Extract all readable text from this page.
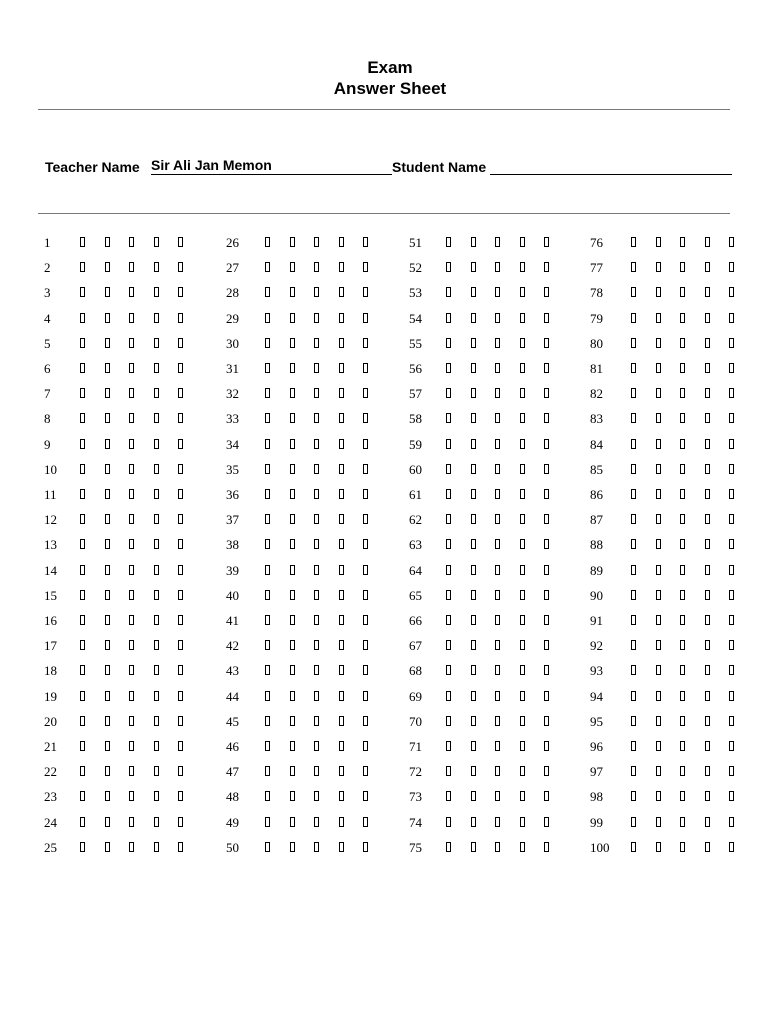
Exam
Answer Sheet
Teacher Name Sir Ali Jan Memon	Student Name
1
2
3
4
5
6
7
8
9
10
11
12
13
14
15
16
17
18
19
20
21
22
23
24
25
26
27
28
29
30
31
32
33
34
35
36
37
38
39
40
41
42
43
44
45
46
47
48
49
50
51
52
53
54
55
56
57
58
59
60
61
62
63
64
65
66
67
68
69
70
71
72
73
74
75
76
77
78
79
80
81
82
83
84
85
86
87
88
89
90
91
92
93
94
95
96
97
98
99
100
